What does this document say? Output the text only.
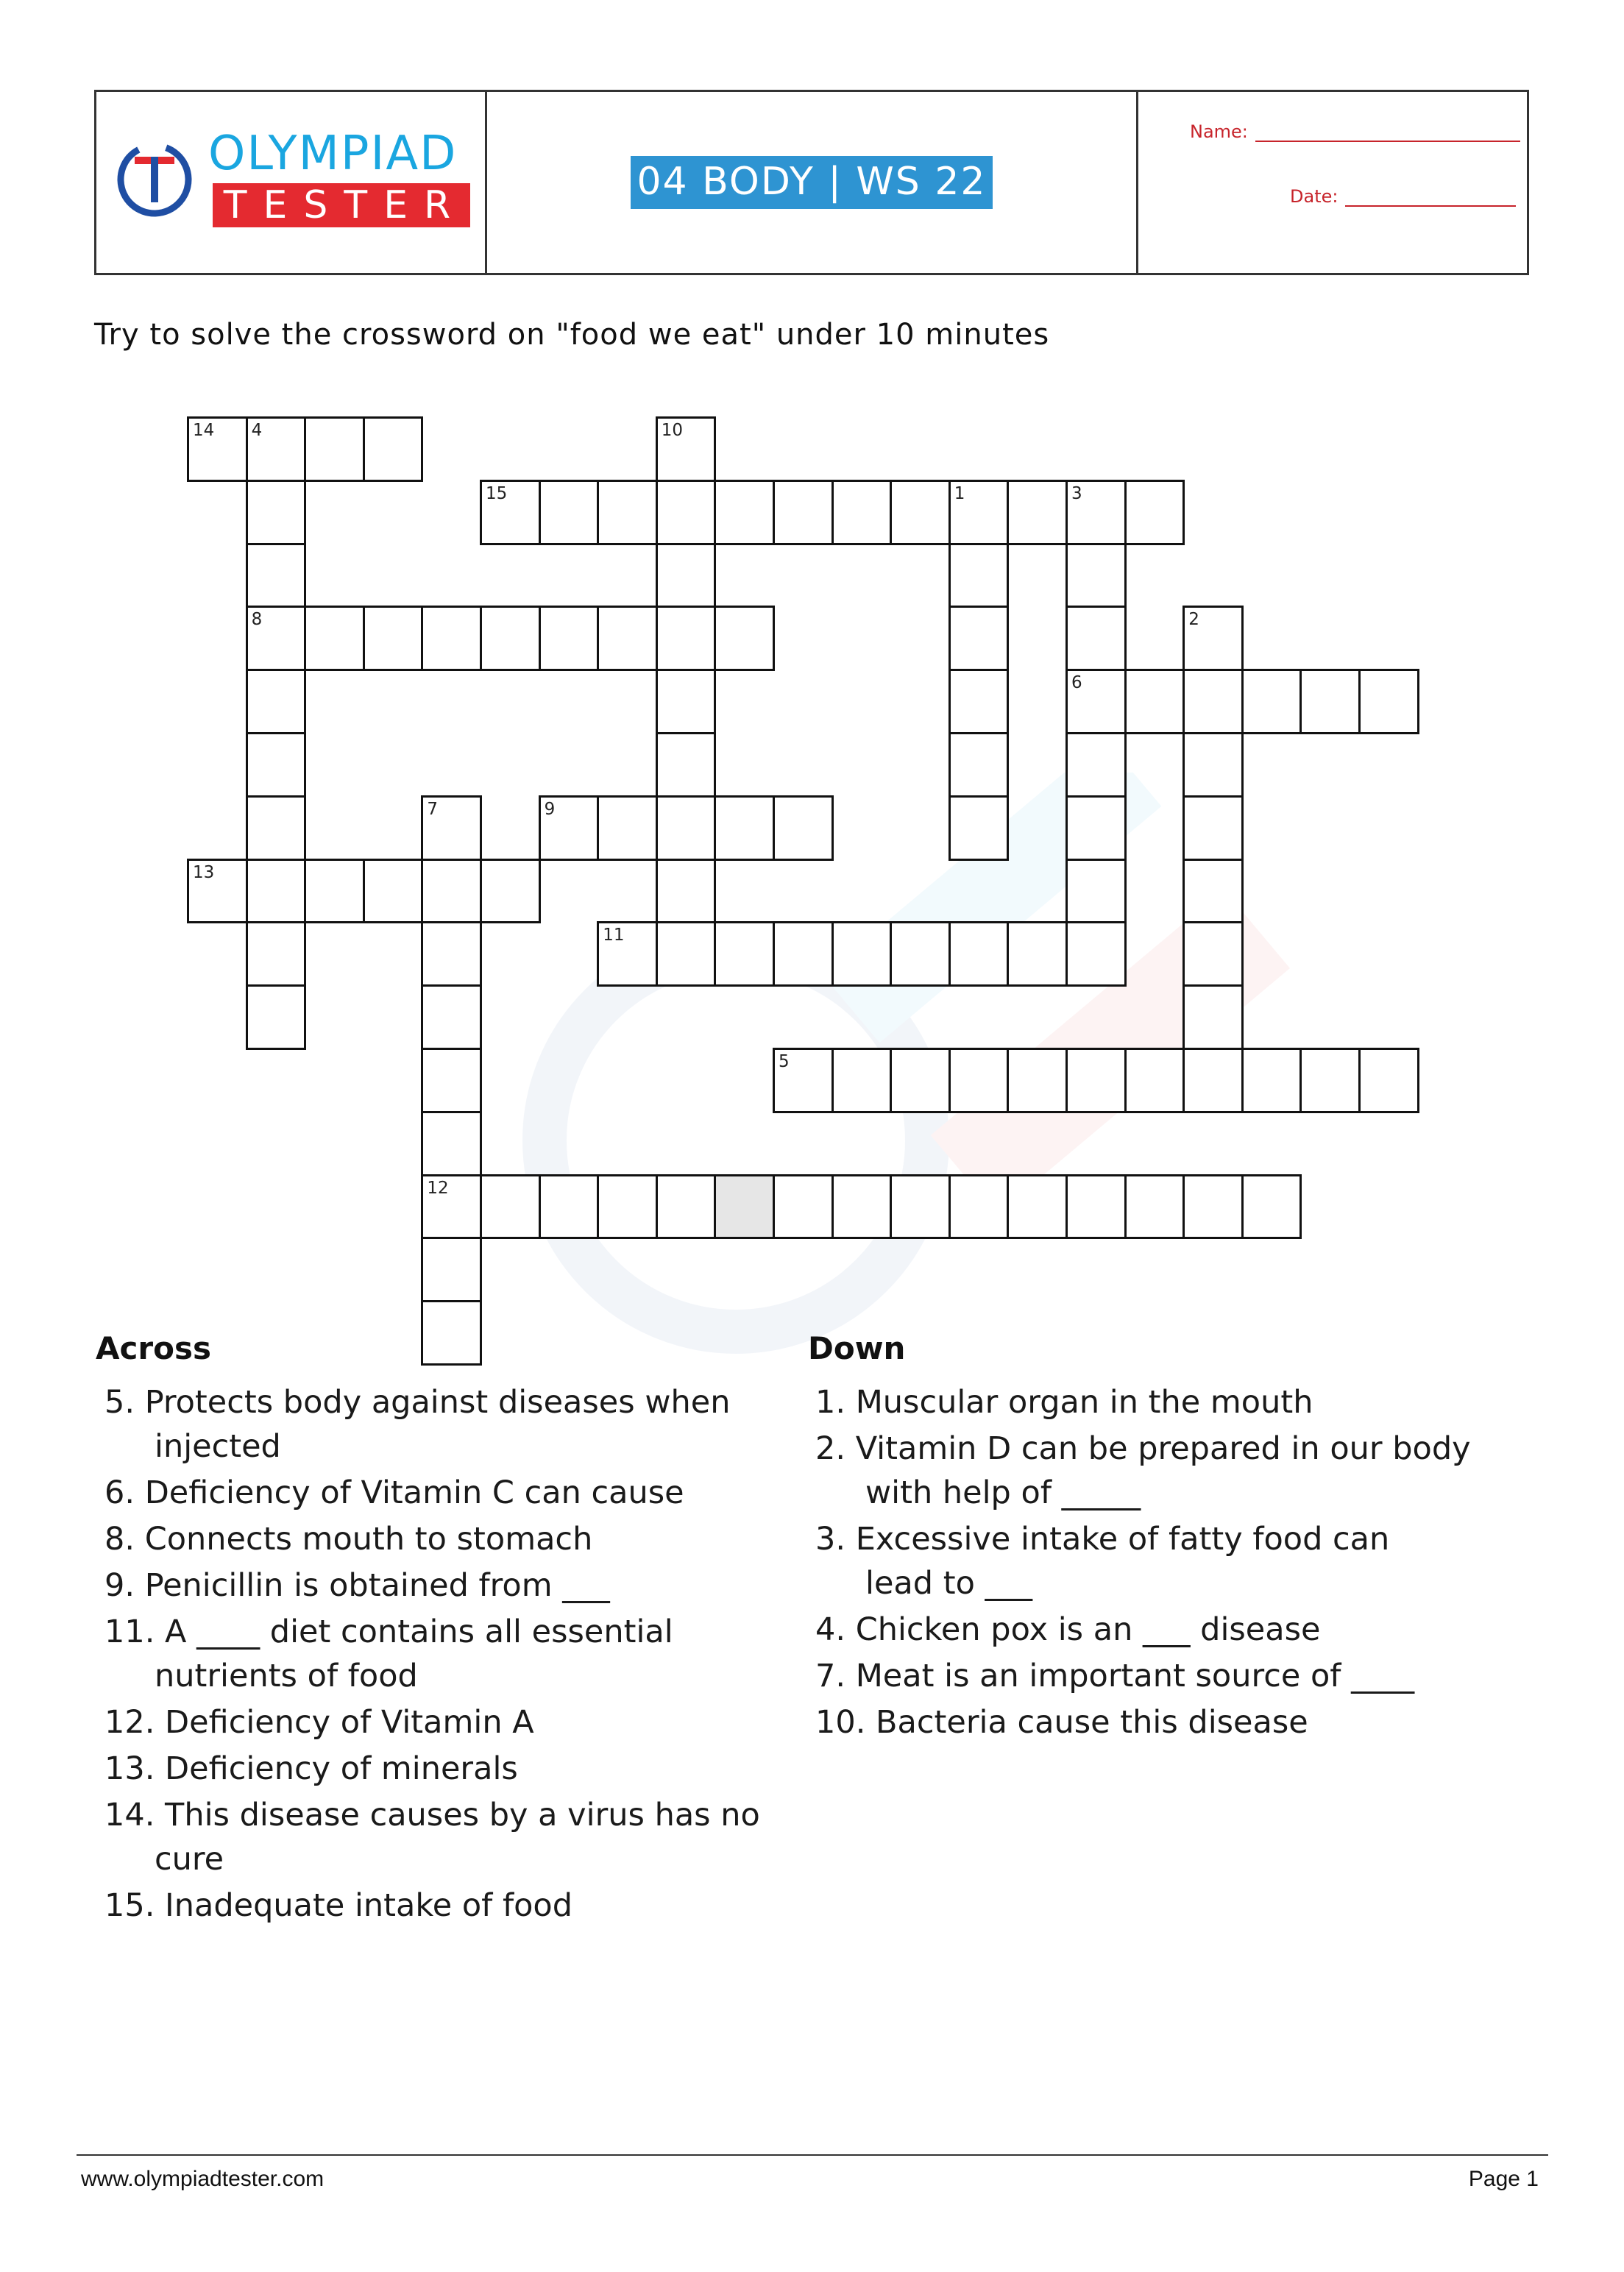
OLYMPIAD
TESTER
04 BODY | WS 22
Name:
Date:
Try to solve the crossword on "food we eat" under 10 minutes
14 4
8
10
15	1	3
6
2
7
12
9
13
11
5
Across	Down
5. Protects body against diseases when
injected
6. Deficiency of Vitamin C can cause
8. Connects mouth to stomach
9. Penicillin is obtained from ___
11. A ____ diet contains all essential
nutrients of food
12. Deficiency of Vitamin A
13. Deficiency of minerals
14. This disease causes by a virus has no
cure
15. Inadequate intake of food
1. Muscular organ in the mouth
2. Vitamin D can be prepared in our body
with help of _____
3. Excessive intake of fatty food can
lead to ___
4. Chicken pox is an ___ disease
7. Meat is an important source of ____
10. Bacteria cause this disease
www.olympiadtester.com	Page 1
